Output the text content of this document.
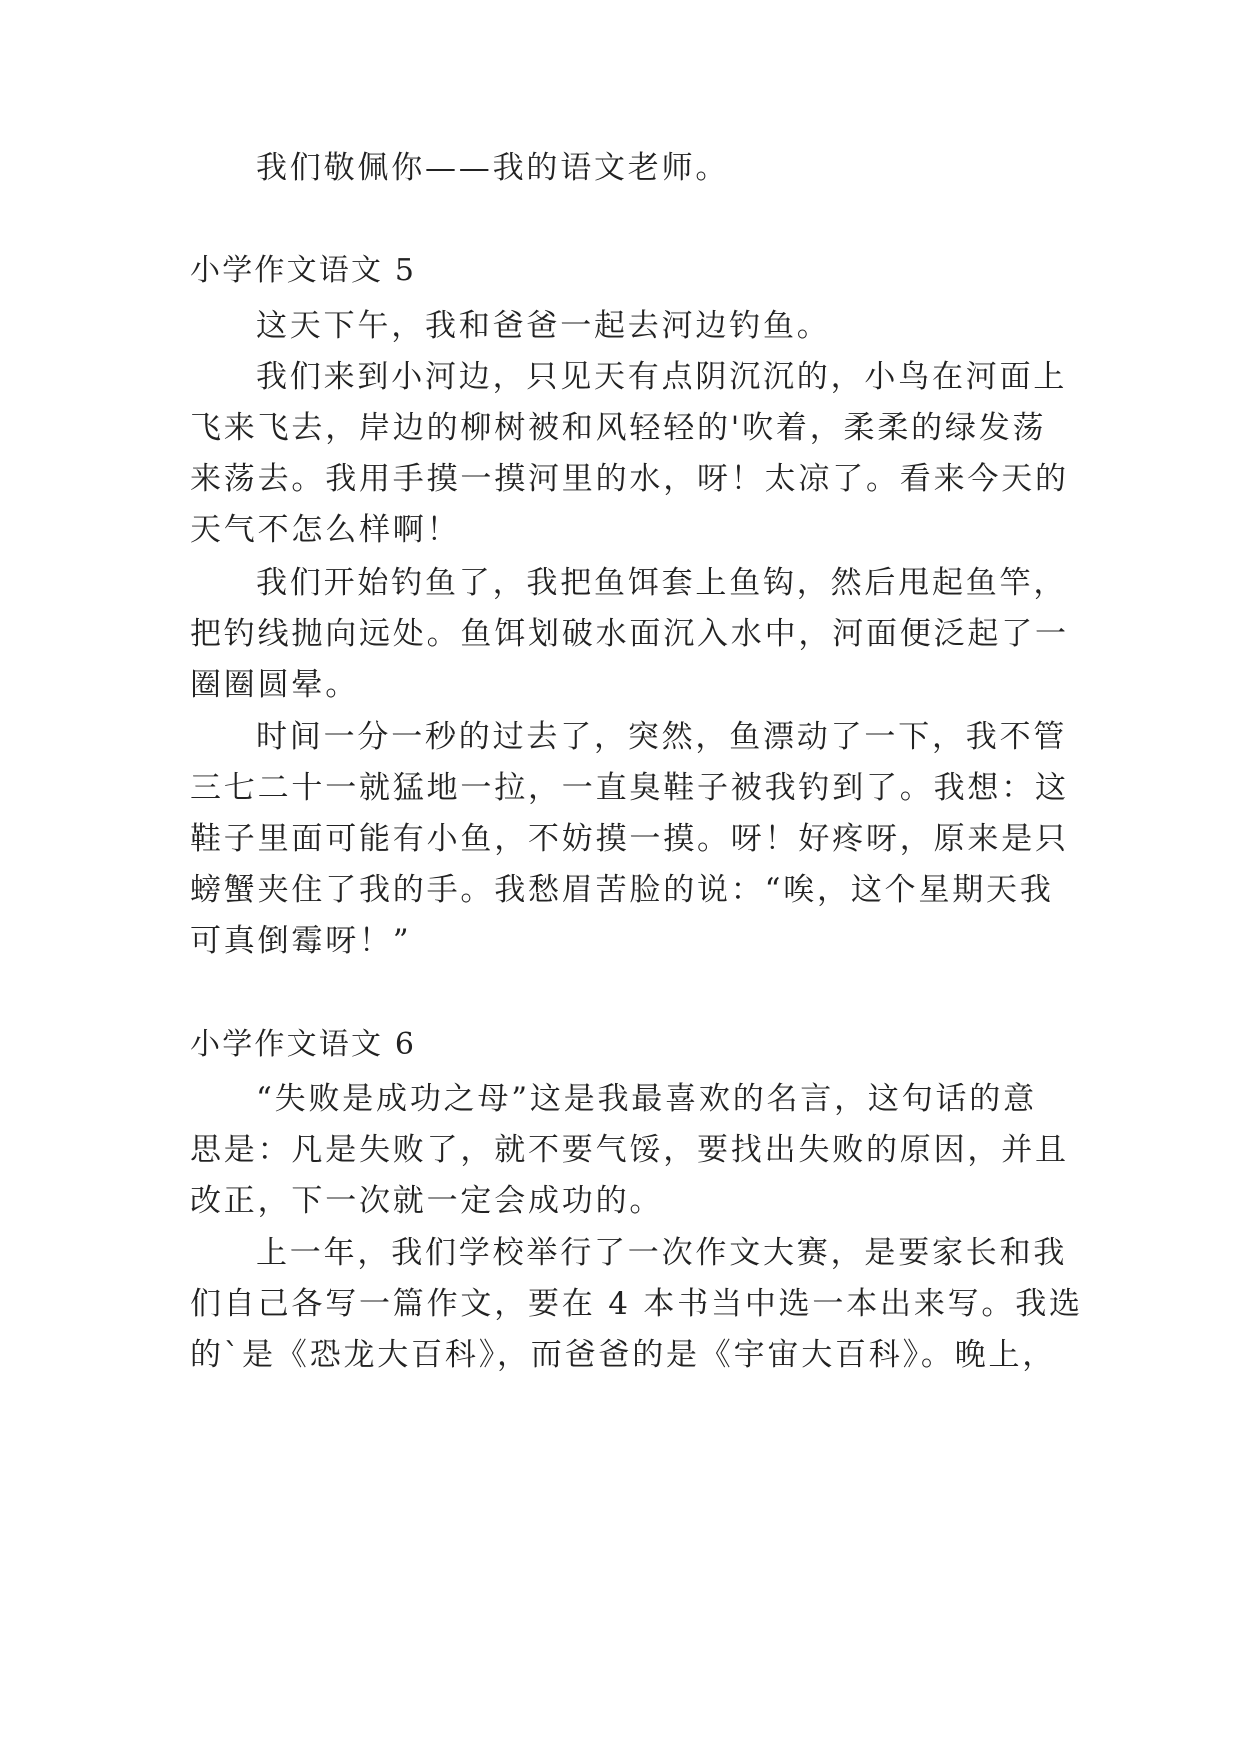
我们敬佩你——我的语文老师。
小学作文语文 5
这天下午，我和爸爸一起去河边钓鱼。
我们来到小河边，只见天有点阴沉沉的，小鸟在河面上
飞来飞去，岸边的柳树被和风轻轻的'吹着，柔柔的绿发荡
来荡去。我用手摸一摸河里的水，呀！太凉了。看来今天的
天气不怎么样啊！
我们开始钓鱼了，我把鱼饵套上鱼钩，然后甩起鱼竿，
把钓线抛向远处。鱼饵划破水面沉入水中，河面便泛起了一
圈圈圆晕。
时间一分一秒的过去了，突然，鱼漂动了一下，我不管
三七二十一就猛地一拉，一直臭鞋子被我钓到了。我想：这
鞋子里面可能有小鱼，不妨摸一摸。呀！好疼呀，原来是只
螃蟹夹住了我的手。我愁眉苦脸的说：“唉，这个星期天我
可真倒霉呀！”
小学作文语文 6
“失败是成功之母”这是我最喜欢的名言，这句话的意
思是：凡是失败了，就不要气馁，要找出失败的原因，并且
改正，下一次就一定会成功的。
上一年，我们学校举行了一次作文大赛，是要家长和我
们自己各写一篇作文，要在 4 本书当中选一本出来写。我选
的`是《恐龙大百科》，而爸爸的是《宇宙大百科》。晚上，
